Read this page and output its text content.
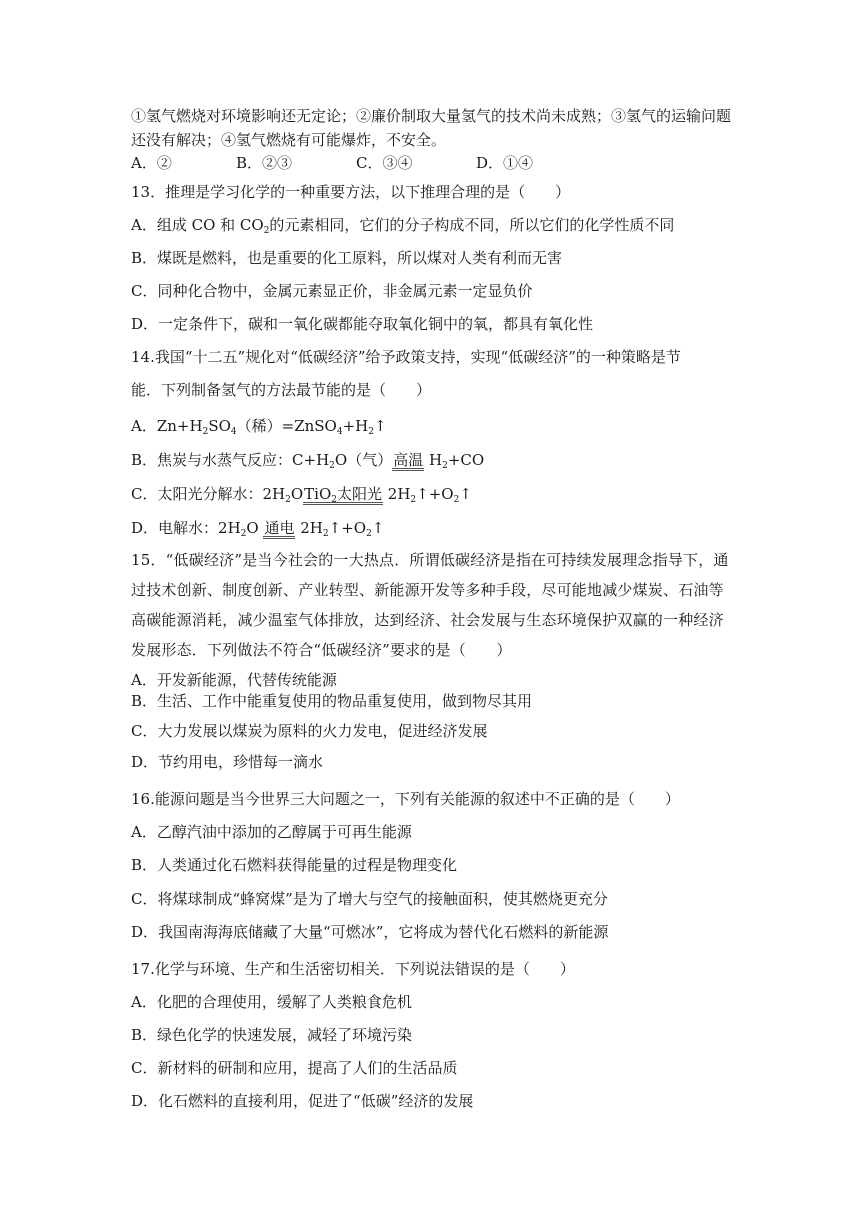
①氢气燃烧对环境影响还无定论；②廉价制取大量氢气的技术尚未成熟；③氢气的运输问题
还没有解决；④氢气燃烧有可能爆炸，不安全。
A．②	B．②③	C．③④	D．①④
13．推理是学习化学的一种重要方法，以下推理合理的是（　　）
A．组成 CO 和 $CO_2$的元素相同，它们的分子构成不同，所以它们的化学性质不同
B．煤既是燃料，也是重要的化工原料，所以煤对人类有利而无害
C．同种化合物中，金属元素显正价，非金属元素一定显负价
D．一定条件下，碳和一氧化碳都能夺取氧化铜中的氧，都具有氧化性
14.我国“十二五”规化对“低碳经济”给予政策支持，实现“低碳经济”的一种策略是节
能．下列制备氢气的方法最节能的是（　　）
A．$Zn+H_2SO_4$（稀）$=ZnSO_4+H_2↑$
B．焦炭与水蒸气反应：$C+H_2O$（气）高温 $H_2+CO$
C．太阳光分解水：$2H_2OTiO_2$太阳光 $2H_2↑+O_2↑$
D．电解水：$2H_2O$ 通电 $2H_2↑+O_2↑$
15．“低碳经济”是当今社会的一大热点．所谓低碳经济是指在可持续发展理念指导下，通过技术创新、制度创新、产业转型、新能源开发等多种手段，尽可能地减少煤炭、石油等高碳能源消耗，减少温室气体排放，达到经济、社会发展与生态环境保护双赢的一种经济发展形态．下列做法不符合“低碳经济”要求的是（　　）
A．开发新能源，代替传统能源
B．生活、工作中能重复使用的物品重复使用，做到物尽其用
C．大力发展以煤炭为原料的火力发电，促进经济发展
D．节约用电，珍惜每一滴水
16.能源问题是当今世界三大问题之一，下列有关能源的叙述中不正确的是（　　）
A．乙醇汽油中添加的乙醇属于可再生能源
B．人类通过化石燃料获得能量的过程是物理变化
C．将煤球制成“蜂窝煤”是为了增大与空气的接触面积，使其燃烧更充分
D．我国南海海底储藏了大量“可燃冰”，它将成为替代化石燃料的新能源
17.化学与环境、生产和生活密切相关．下列说法错误的是（　　）
A．化肥的合理使用，缓解了人类粮食危机
B．绿色化学的快速发展，减轻了环境污染
C．新材料的研制和应用，提高了人们的生活品质
D．化石燃料的直接利用，促进了“低碳”经济的发展
